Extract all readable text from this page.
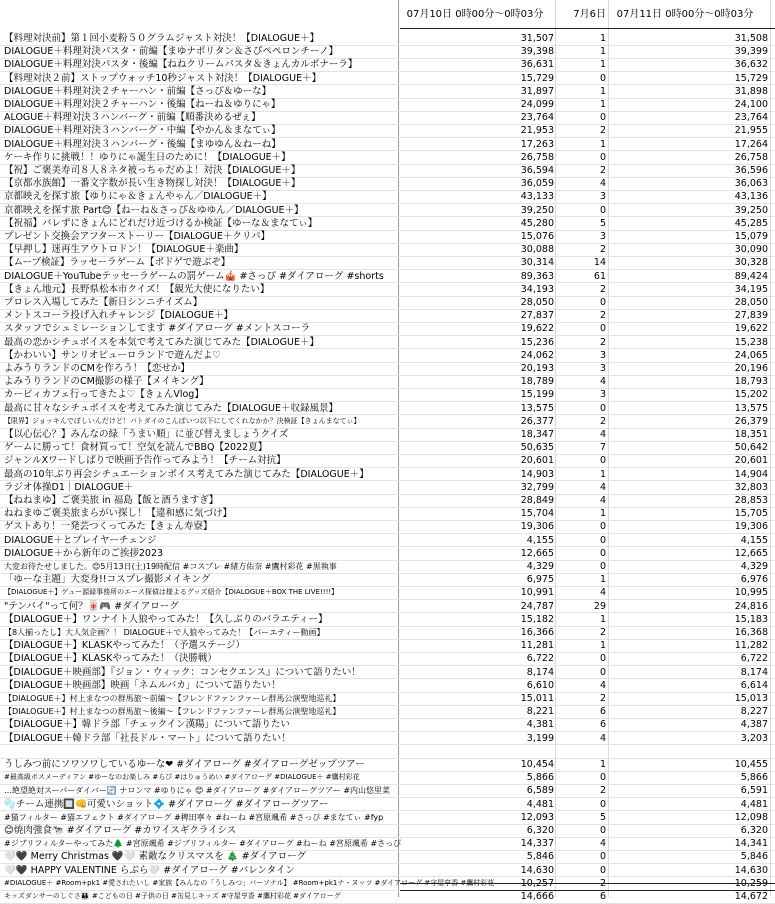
07月10日 0時00分～0時03分	7月6日	07月11日 0時00分～0時03分
【料理対決前】第１回小麦粉５０グラムジャスト対決！【DIALOGUE＋】	31,507	1	31,508
DIALOGUE＋料理対決パスタ・前編【まゆナポリタン＆さぴペペロンチーノ】	39,398	1	39,399
DIALOGUE＋料理対決パスタ・後編【ねねクリームパスタ＆きょんカルボナーラ】	36,631	1	36,632
【料理対決２前】ストップウォッチ10秒ジャスト対決！【DIALOGUE＋】	15,729	0	15,729
DIALOGUE＋料理対決２チャーハン・前編【さっぴ＆ゆーな】	31,897	1	31,898
DIALOGUE＋料理対決２チャーハン・後編【ねーね＆ゆりにゃ】	24,099	1	24,100
ALOGUE＋料理対決３ハンバーグ・前編【順番決めるぜぇ】	23,764	0	23,764
DIALOGUE＋料理対決３ハンバーグ・中編【やかん＆まなてぃ】	21,953	2	21,955
DIALOGUE＋料理対決３ハンバーグ・後編【まゆゆん＆ねーね】	17,263	1	17,264
ケーキ作りに挑戦！！ゆりにゃ誕生日のために！【DIALOGUE＋】	26,758	0	26,758
【祝】ご褒美寿司８人８ネタ被っちゃだめよ！対決【DIALOGUE＋】	36,594	2	36,596
【京都水族館】一番文字数が長い生き物探し対決！【DIALOGUE＋】	36,059	4	36,063
京都映えを探す旅【ゆりにゃ＆きょんやゃん／DIALOGUE＋】	43,133	3	43,136
京都映えを探す旅 Part😊【ねーね＆さっぴ＆ゆゆん／DIALOGUE＋】	39,250	0	39,250
【祝福】バレずにきょんにどれだけ近づけるか検証【ゆーな＆まなてぃ】	45,280	5	45,285
プレゼント交換会アフターストーリー【DIALOGUE＋クリパ】	15,076	3	15,079
【早押し】迷再生アウトロドン！【DIALOGUE＋楽曲】	30,088	2	30,090
【ムーブ検証】ラッセーラゲーム【ボドゲで遊ぶぞ】	30,314	14	30,328
DIALOGUE＋YouTubeテッセーラゲームの罰ゲーム🎪 #さっぴ #ダイアローグ #shorts	89,363	61	89,424
【きょん地元】長野県松本市クイズ！【観光大使になりたい】	34,193	2	34,195
プロレス入場してみた【新日シンニチイズム】	28,050	0	28,050
メントスコーラ投げ入れチャレンジ【DIALOGUE＋】	27,837	2	27,839
スタッフでシュミレーションしてます #ダイアローグ #メントスコーラ	19,622	0	19,622
最高の恋かシチュボイスを本気で考えてみた演じてみた【DIALOGUE＋】	15,236	2	15,238
【かわいい】サンリオピューロランドで遊んだよ♡	24,062	3	24,065
よみうりランドのCMを作ろう！【恋せか】	20,193	3	20,196
よみうりランドのCM撮影の様子【メイキング】	18,789	4	18,793
カービィカフェ行ってきたよ♡【きょんVlog】	15,199	3	15,202
最高に甘々なシチュボイスを考えてみた演じてみた【DIALOGUE＋収録風景】	13,575	0	13,575
【限界】ジョッキんでぼしいんだけど！バトダイのこんばいつ以下にしてくれなかか？決検証【きょんまなてぃ】	26,377	2	26,379
【以心伝心？】みんなの緑「うまい順」に並び替えましょうクイズ	18,347	4	18,351
ゲームに勝って！食材買って！空気を読んでBBQ【2022夏】	50,635	7	50,642
ジャンルXワードしばりで映画予告作ってみよう！【チーム対抗】	20,601	0	20,601
最高の10年ぶり再会シチュエーションボイス考えてみた演じてみた【DIALOGUE＋】	14,903	1	14,904
ラジオ体操D1｜DIALOGUE＋	32,799	4	32,803
【ねねまゆ】ご褒美旅 in 福島【飯と酒うますぎ】	28,849	4	28,853
ねねまゆご褒美旅まらがい探し！【違和感に気づけ】	15,704	1	15,705
ゲストあり！一発芸つくってみた【きょん寿寮】	19,306	0	19,306
DIALOGUE＋とプレイヤーチェンジ	4,155	0	4,155
DIALOGUE＋から新年のご挨拶2023	12,665	0	12,665
大変お待たせしました。😊5月13日(土)19時配信 #コスプレ #緒方佑奈 #鷹村彩花 #黒執事	4,329	0	4,329
「ゆーな主題」大変身!!コスプレ撮影メイキング	6,975	1	6,976
【DIALOGUE＋】ゲュー源録事務所のエース探偵は様よるグッズ紹介【DIALOGUE＋BOX THE LIVE!!!!】	10,991	4	10,995
"テンパイ"って何？🀄🎮 #ダイアローグ	24,787	29	24,816
【DIALOGUE＋】ワンナイト人狼やってみた！【久しぶりのバラエティー】	15,182	1	15,183
【8人揃ったし】大人気企画？！ DIALOGUE＋で人狼やってみた！【パーエティー動画】	16,366	2	16,368
【DIALOGUE＋】KLASKやってみた！（予選ステージ）	11,281	1	11,282
【DIALOGUE＋】KLASKやってみた！（決勝戦）	6,722	0	6,722
【DIALOGUE＋映画部】『ジョン・ウィック：コンセクエンス』について語りたい！	8,174	0	8,174
【DIALOGUE＋映画部】映画「ネムルバカ」について語りたい！	6,610	4	6,614
【DIALOGUE＋】村上まなつの群馬旅〜前編〜【フレンドファンファーレ群馬公演聖地巡礼】	15,011	2	15,013
【DIALOGUE＋】村上まなつの群馬旅〜後編〜【フレンドファンファーレ群馬公演聖地巡礼】	8,221	6	8,227
【DIALOGUE＋】韓ドラ部「チェックイン漢陽」について語りたい	4,381	6	4,387
【DIALOGUE＋韓ドラ部「社長ドル・マート」について語りたい！	3,199	4	3,203
うしみつ前にソワソワしているゆーな❤ #ダイアローグ #ダイアローグゼップツアー	10,454	1	10,455
#最高級ボスメーディアン #ゆーなのお楽しみ #らび #はりゅうめい #ダイアローグ #DIALOGUE＋ #鷹村彩花	5,866	0	5,866
…絶望絶対スーパーダイバー🔄 ナロンマ #ゆりにゃ 😊 #ダイアローグ #ダイアローグツアー #内山悠里菜	6,589	2	6,591
🫧チーム連携🔲👊可愛いショット💠 #ダイアローグ #ダイアローグツアー	4,481	0	4,481
#猫フィルター #猫エフェクト #ダイアローグ #稗田寧々 #ねーね #宮原颯希 #さっぴ #まなてぃ #fyp	12,093	5	12,098
😊焼肉強食🐄 #ダイアローグ #カワイスギクライシス	6,320	0	6,320
#ジブリフィルターやってみた🌲 #宮原颯希 #ジブリフィルター #ダイアローグ #ねーね #宮原颯希 #さっぴ	14,337	4	14,341
🤍🖤 Merry Christmas 🖤🤍 素敵なクリスマスを 🎄 #ダイアローグ	5,846	0	5,846
🤍🖤 HAPPY VALENTINE らぶら🤍 #ダイアローグ #バレンタイン	14,630	0	14,630
#DIALOGUE＋ #Room+pk1 #愛されたいし #家族【みんなの「うしみつ」パーソナル】 #Room+pk1ナ・ヌッツ #ダイアローグ #守屋亨香 #鷹村彩花	10,257	2	10,259
キッズダンサーのしぐさ👪 #こどもの日 #子供の日 #缶見しキッズ #守屋亨香 #鷹村彩花 #ダイアローグ	14,666	6	14,672
